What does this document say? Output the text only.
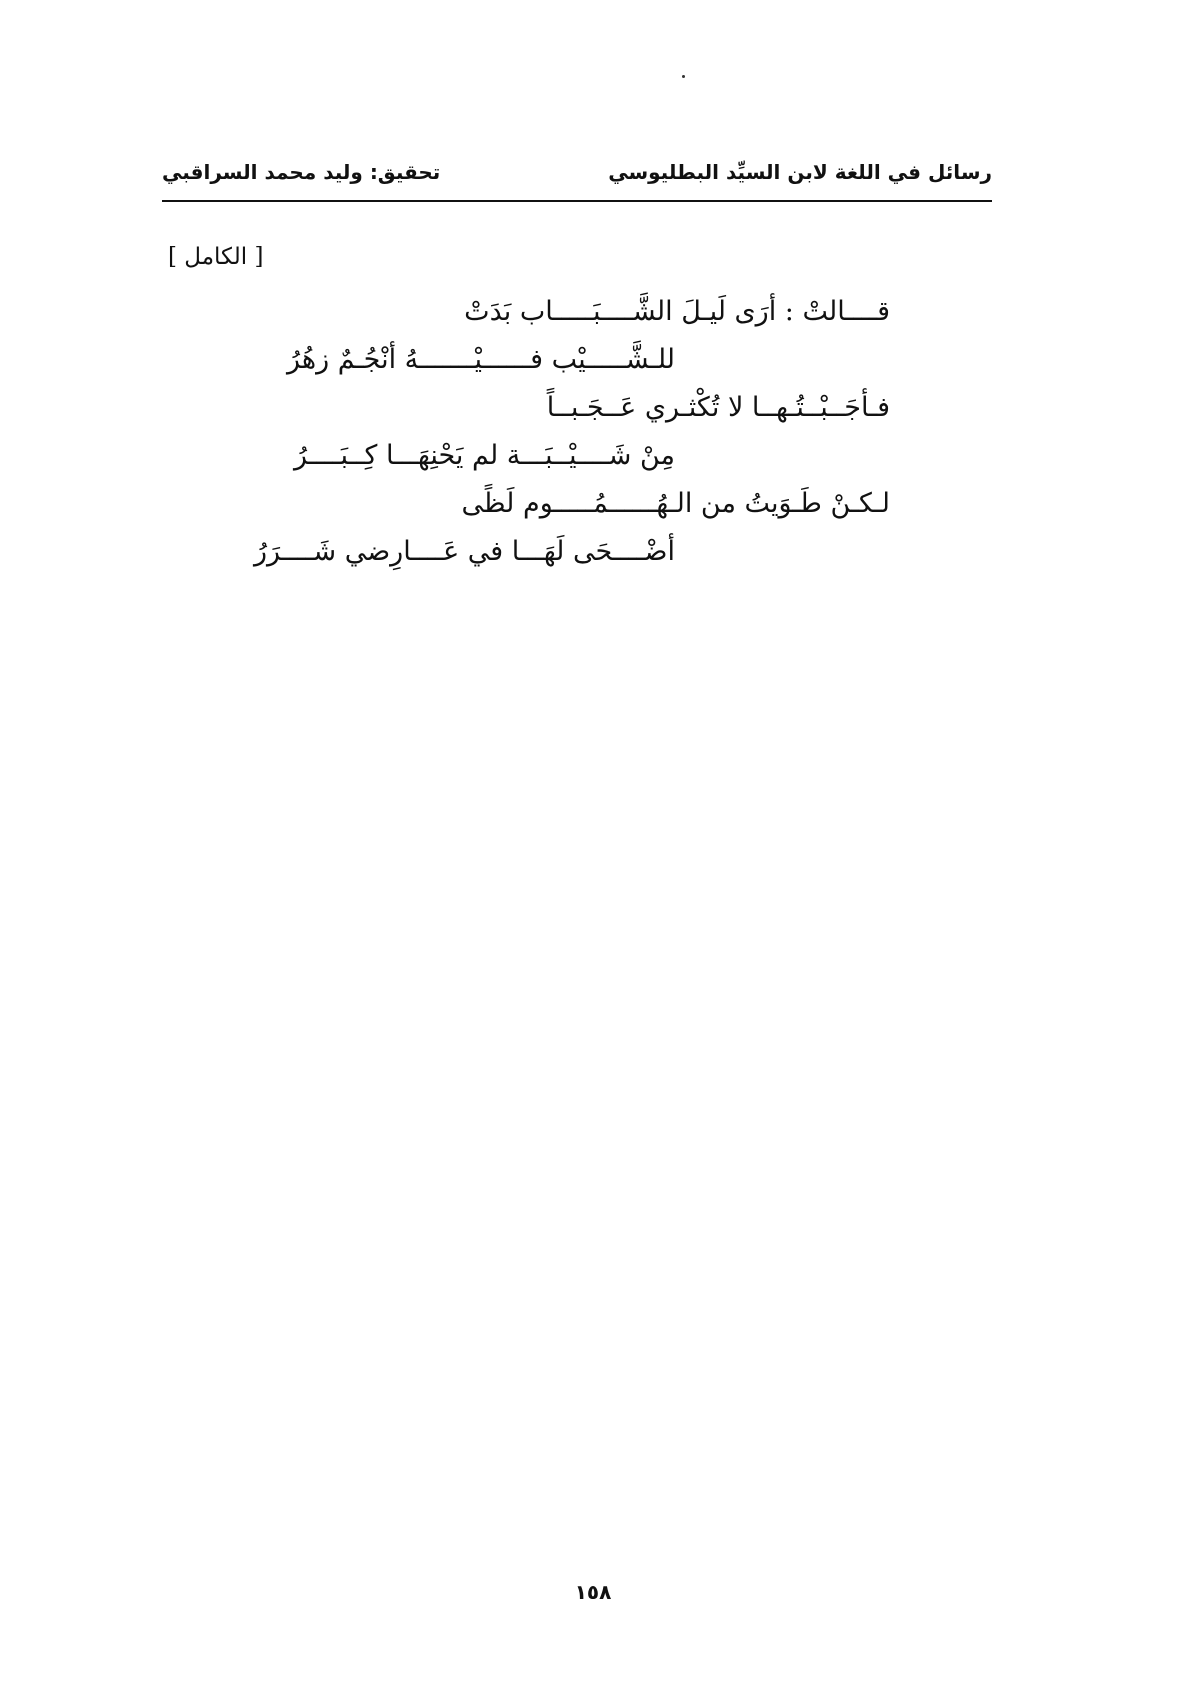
رسائل في اللغة لابن السيِّد البطليوسي
تحقيق: وليد محمد السراقبي
[ الكامل ]
قــــالتْ : أرَى لَيـلَ الشَّــــبَـــــاب بَدَتْ
للـشَّـــــيْب فــــــيْـــــــهُ أنْجُـمٌ زهُرُ
فـأجَــبْــتُـهــا لا تُكْثـري عَــجَـبــاً
مِنْ شَــــيْــبَـــة لم يَحْنِهَـــا كِــبَــــرُ
لـكـنْ طَـوَيتُ من الـهُــــــمُـــــوم لَظًى
أضْــــحَى لَهَـــا في عَــــارِضي شَــــرَرُ
١٥٨
